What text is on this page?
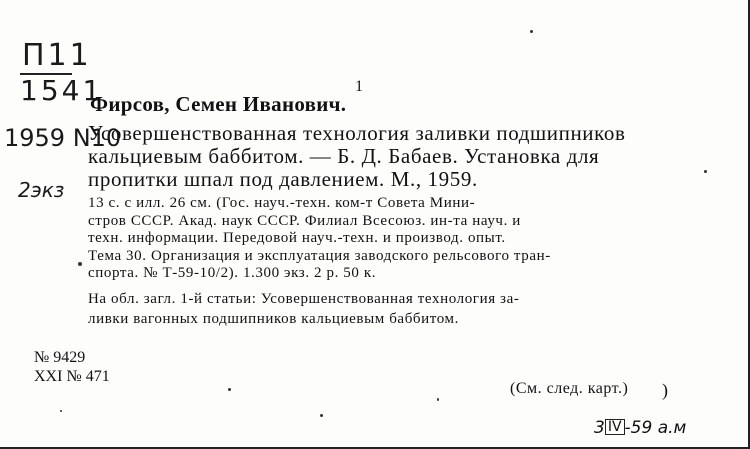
П11
1541
1959 N10
2экз
1
Фирсов, Семен Иванович.
Усовершенствованная технология заливки подшипников
кальциевым баббитом. — Б. Д. Бабаев. Установка для
пропитки шпал под давлением. М., 1959.
13 с. с илл. 26 см. (Гос. науч.-техн. ком-т Совета Мини-
стров СССР. Акад. наук СССР. Филиал Всесоюз. ин-та науч. и
техн. информации. Передовой науч.-техн. и производ. опыт.
Тема 30. Организация и эксплуатация заводского рельсового тран-
спорта. № Т-59-10/2). 1.300 экз. 2 р. 50 к.
На обл. загл. 1-й статьи: Усовершенствованная технология за-
ливки вагонных подшипников кальциевым баббитом.
№ 9429
XXI № 471
(См. след. карт.) )
3 IV -59 а.м
